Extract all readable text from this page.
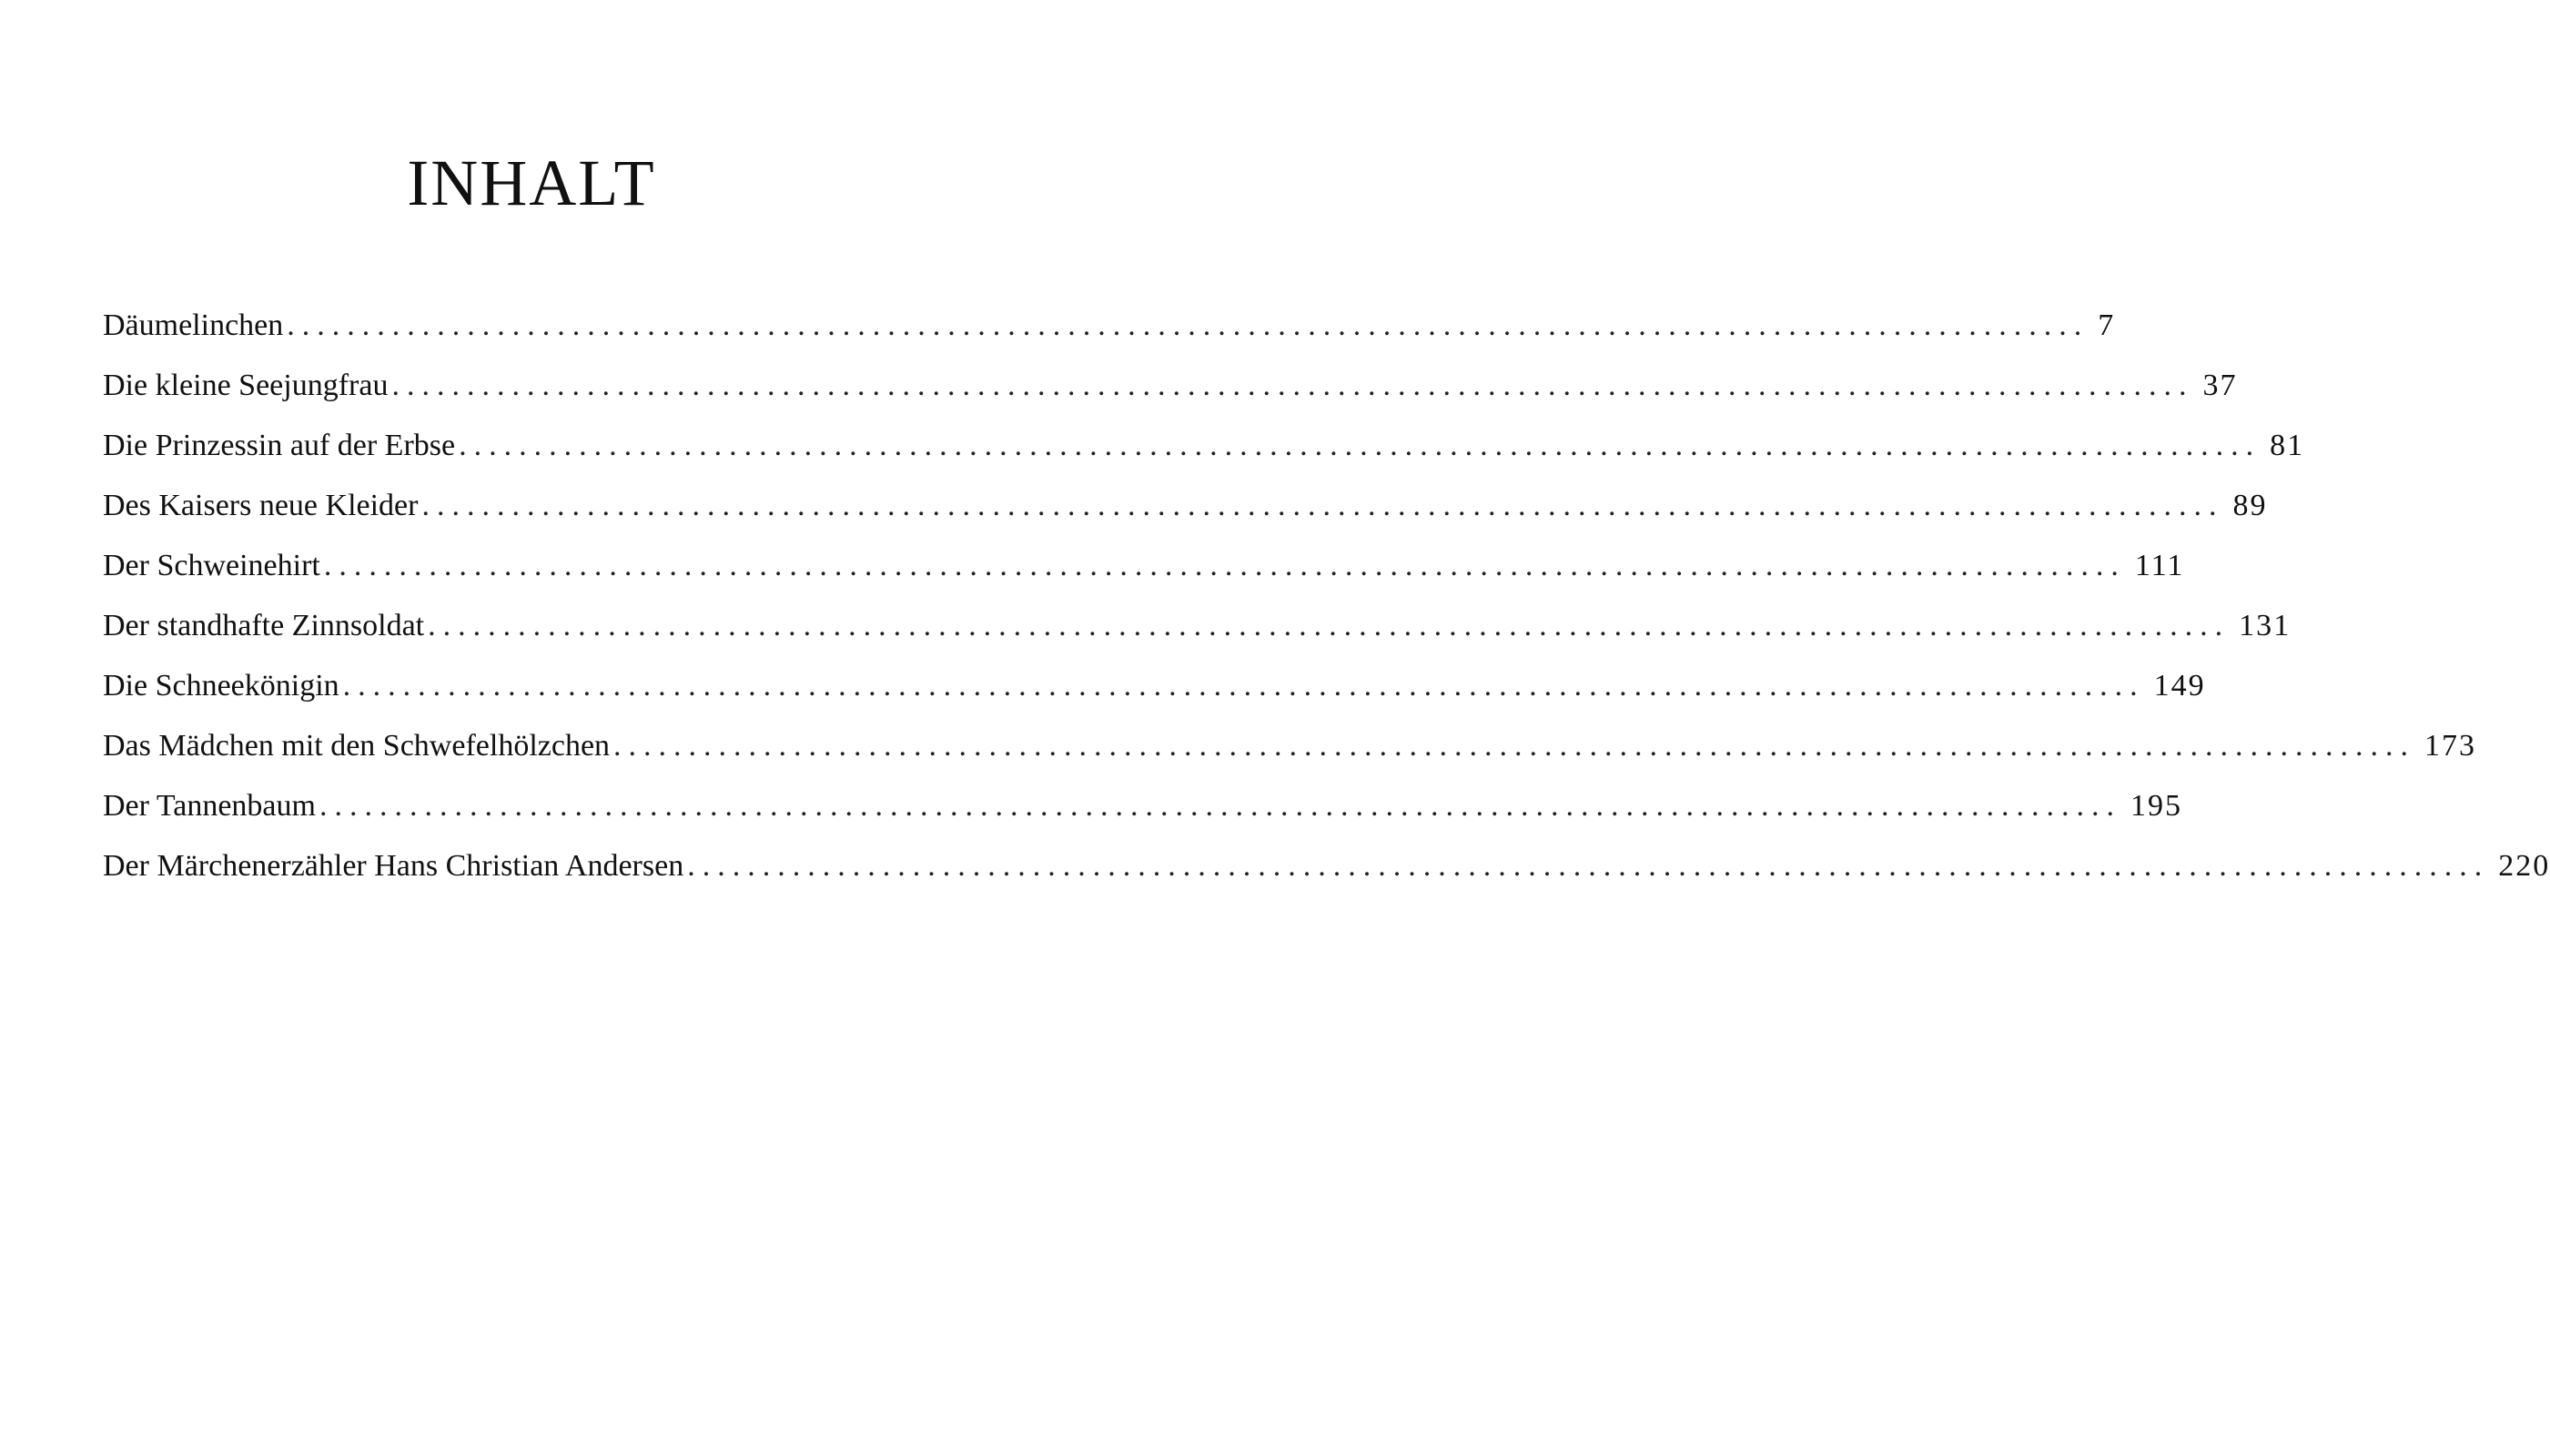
INHALT
Däumelinchen ........................................................................................................................ 7
Die kleine Seejungfrau ........................................................................................................................ 37
Die Prinzessin auf der Erbse ........................................................................................................................ 81
Des Kaisers neue Kleider ........................................................................................................................ 89
Der Schweinehirt ........................................................................................................................ 111
Der standhafte Zinnsoldat ........................................................................................................................ 131
Die Schneekönigin ........................................................................................................................ 149
Das Mädchen mit den Schwefelhölzchen ........................................................................................................................ 173
Der Tannenbaum ........................................................................................................................ 195
Der Märchenerzähler Hans Christian Andersen ........................................................................................................................ 220
